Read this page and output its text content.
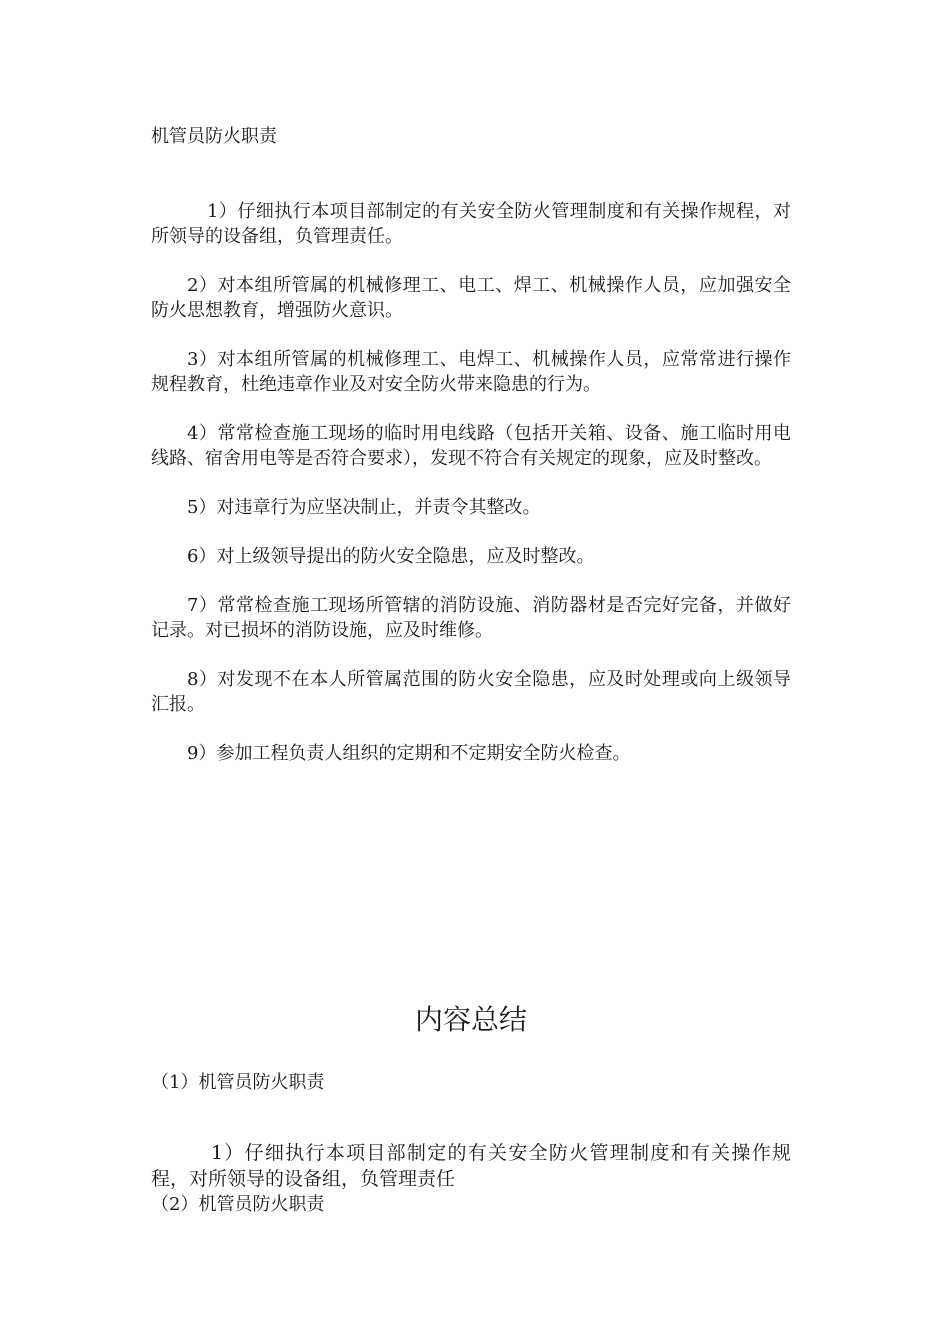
机管员防火职责

1）仔细执行本项目部制定的有关安全防火管理制度和有关操作规程，对所领导的设备组，负管理责任。

2）对本组所管属的机械修理工、电工、焊工、机械操作人员，应加强安全防火思想教育，增强防火意识。

3）对本组所管属的机械修理工、电焊工、机械操作人员，应常常进行操作规程教育，杜绝违章作业及对安全防火带来隐患的行为。

4）常常检查施工现场的临时用电线路（包括开关箱、设备、施工临时用电线路、宿舍用电等是否符合要求），发现不符合有关规定的现象，应及时整改。

5）对违章行为应坚决制止，并责令其整改。

6）对上级领导提出的防火安全隐患，应及时整改。

7）常常检查施工现场所管辖的消防设施、消防器材是否完好完备，并做好记录。对已损坏的消防设施，应及时维修。

8）对发现不在本人所管属范围的防火安全隐患，应及时处理或向上级领导汇报。

9）参加工程负责人组织的定期和不定期安全防火检查。

内容总结

（1）机管员防火职责

1）仔细执行本项目部制定的有关安全防火管理制度和有关操作规程，对所领导的设备组，负管理责任

（2）机管员防火职责
